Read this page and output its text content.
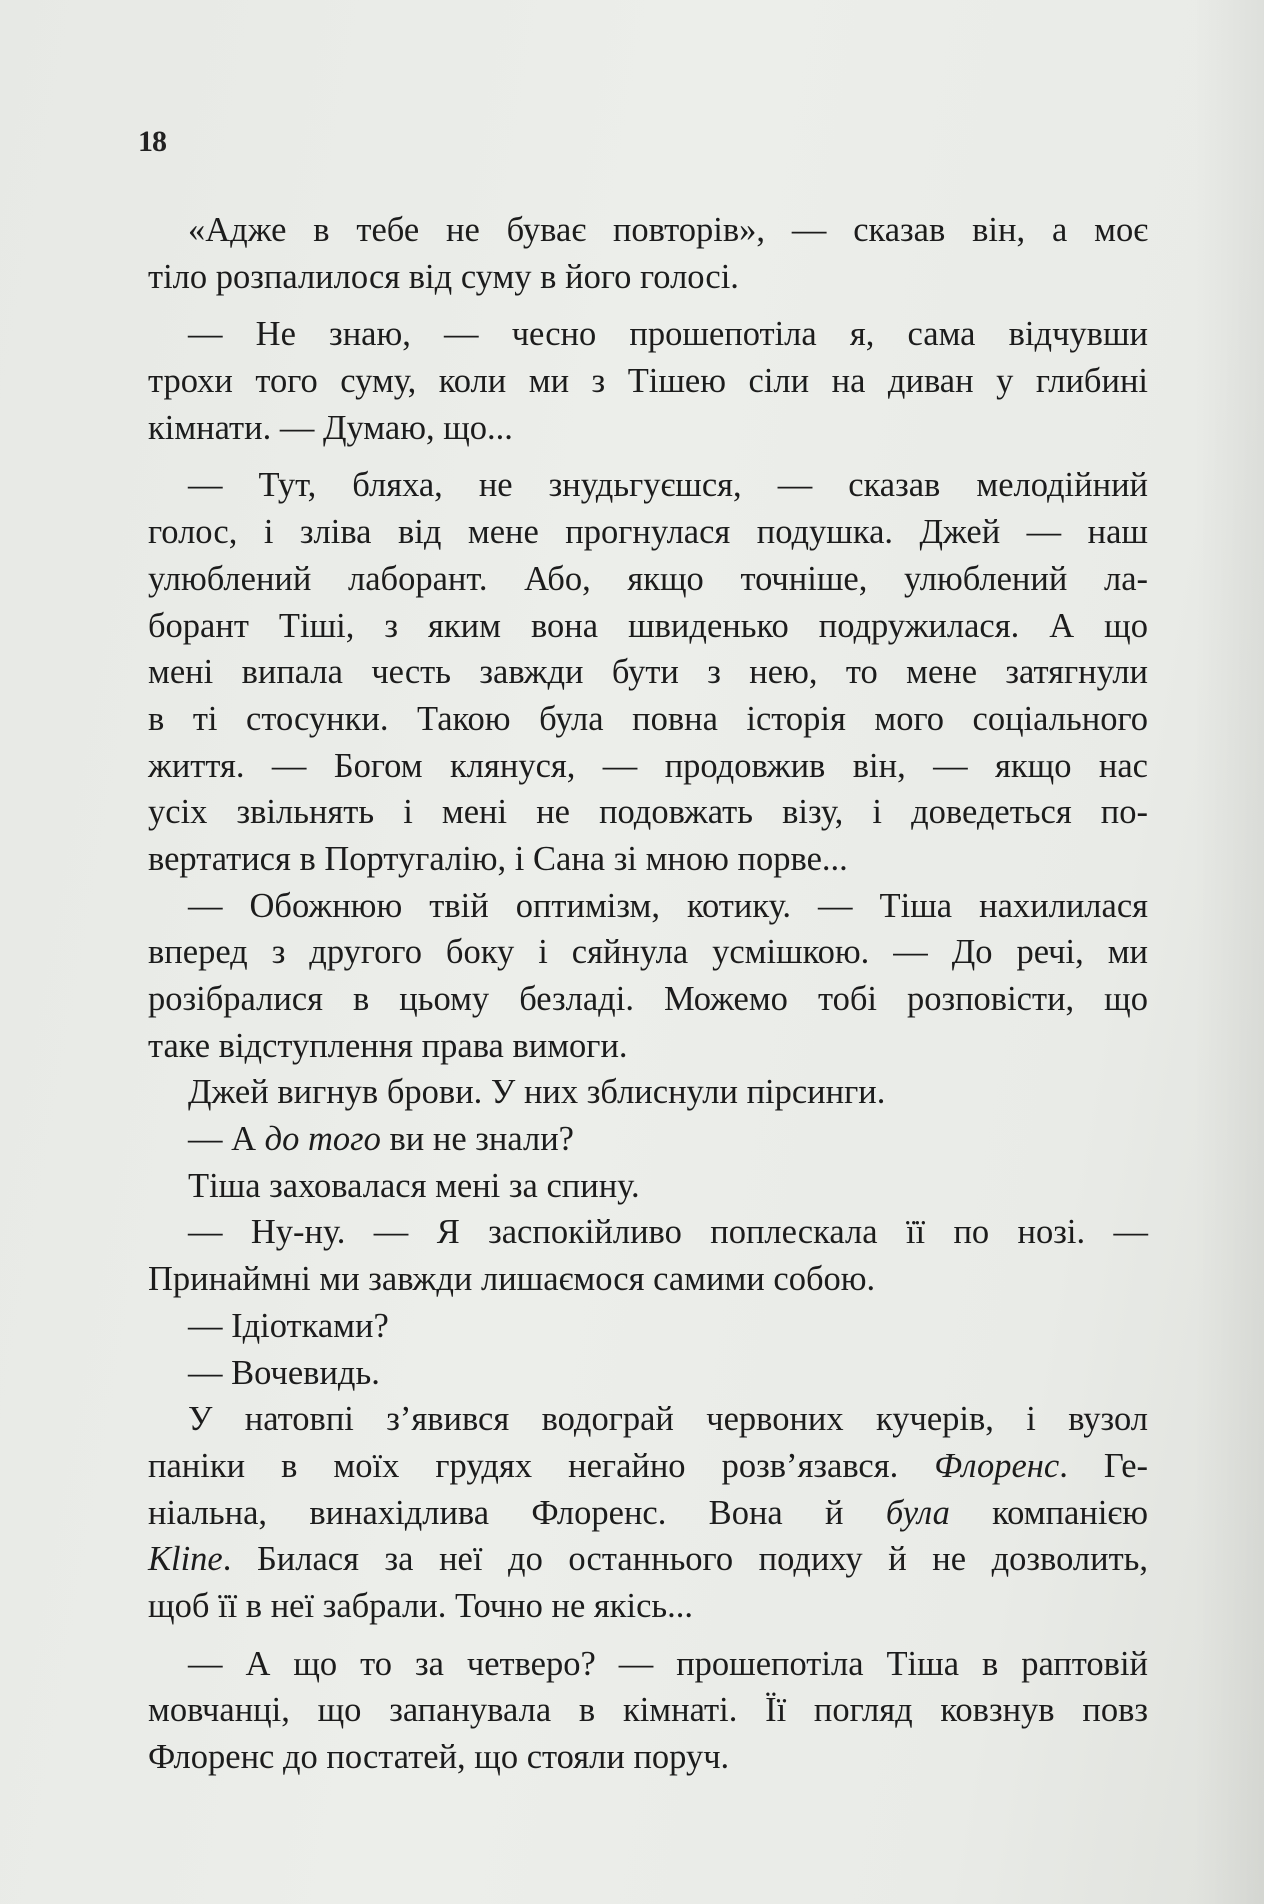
18
«Адже в тебе не буває повторів», — сказав він, а моє
тіло розпалилося від суму в його голосі.
— Не знаю, — чесно прошепотіла я, сама відчувши
трохи того суму, коли ми з Тішею сіли на диван у глибині
кімнати. — Думаю, що...
— Тут, бляха, не знудьгуєшся, — сказав мелодійний
голос, і зліва від мене прогнулася подушка. Джей — наш
улюблений лаборант. Або, якщо точніше, улюблений ла-
борант Тіші, з яким вона швиденько подружилася. А що
мені випала честь завжди бути з нею, то мене затягнули
в ті стосунки. Такою була повна історія мого соціального
життя. — Богом клянуся, — продовжив він, — якщо нас
усіх звільнять і мені не подовжать візу, і доведеться по-
вертатися в Португалію, і Сана зі мною порве...
— Обожнюю твій оптимізм, котику. — Тіша нахилилася
вперед з другого боку і сяйнула усмішкою. — До речі, ми
розібралися в цьому безладі. Можемо тобі розповісти, що
таке відступлення права вимоги.
Джей вигнув брови. У них зблиснули пірсинги.
— А до того ви не знали?
Тіша заховалася мені за спину.
— Ну-ну. — Я заспокійливо поплескала її по нозі. —
Принаймні ми завжди лишаємося самими собою.
— Ідіотками?
— Вочевидь.
У натовпі з’явився водограй червоних кучерів, і вузол
паніки в моїх грудях негайно розв’язався. Флоренс. Ге-
ніальна, винахідлива Флоренс. Вона й була компанією
Kline. Билася за неї до останнього подиху й не дозволить,
щоб її в неї забрали. Точно не якісь...
— А що то за четверо? — прошепотіла Тіша в раптовій
мовчанці, що запанувала в кімнаті. Її погляд ковзнув повз
Флоренс до постатей, що стояли поруч.
